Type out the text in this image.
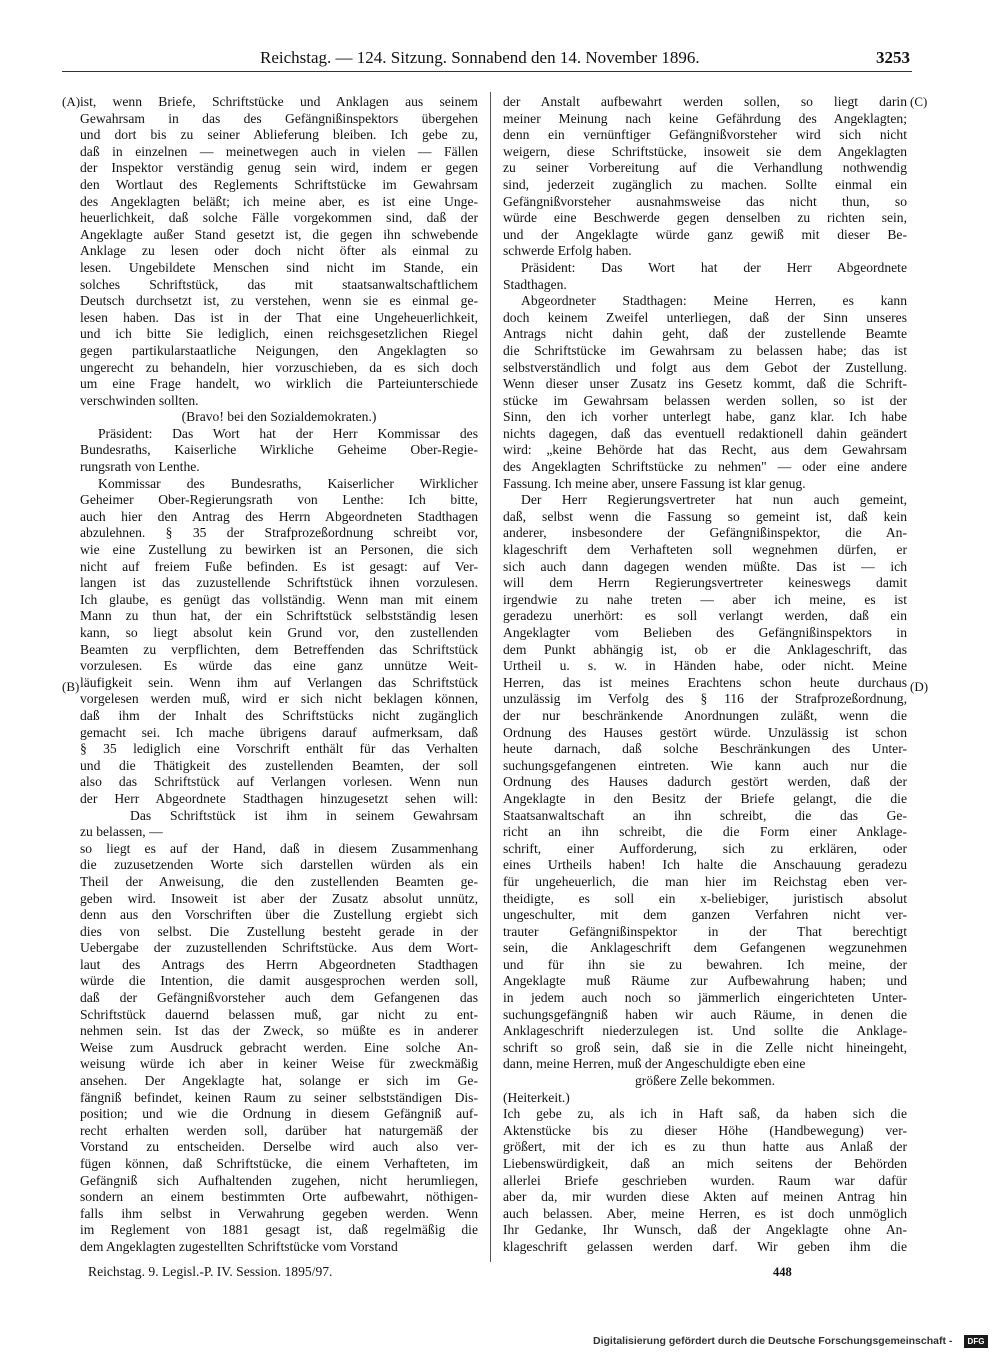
Reichstag. — 124. Sitzung. Sonnabend den 14. November 1896.	3253
(A)
(B)
(C)
(D)
ist, wenn Briefe, Schriftstücke und Anklagen aus seinem
Gewahrsam in das des Gefängnißinspektors übergehen
und dort bis zu seiner Ablieferung bleiben. Ich gebe zu,
daß in einzelnen — meinetwegen auch in vielen — Fällen
der Inspektor verständig genug sein wird, indem er gegen
den Wortlaut des Reglements Schriftstücke im Gewahrsam
des Angeklagten beläßt; ich meine aber, es ist eine Unge-
heuerlichkeit, daß solche Fälle vorgekommen sind, daß der
Angeklagte außer Stand gesetzt ist, die gegen ihn schwebende
Anklage zu lesen oder doch nicht öfter als einmal zu
lesen. Ungebildete Menschen sind nicht im Stande, ein
solches Schriftstück, das mit staatsanwaltschaftlichem
Deutsch durchsetzt ist, zu verstehen, wenn sie es einmal ge-
lesen haben. Das ist in der That eine Ungeheuerlichkeit,
und ich bitte Sie lediglich, einen reichsgesetzlichen Riegel
gegen partikularstaatliche Neigungen, den Angeklagten so
ungerecht zu behandeln, hier vorzuschieben, da es sich doch
um eine Frage handelt, wo wirklich die Parteiunterschiede
verschwinden sollten.
(Bravo! bei den Sozialdemokraten.)
Präsident: Das Wort hat der Herr Kommissar des
Bundesraths, Kaiserliche Wirkliche Geheime Ober-Regie-
rungsrath von Lenthe.
Kommissar des Bundesraths, Kaiserlicher Wirklicher
Geheimer Ober-Regierungsrath von Lenthe: Ich bitte,
auch hier den Antrag des Herrn Abgeordneten Stadthagen
abzulehnen. § 35 der Strafprozeßordnung schreibt vor,
wie eine Zustellung zu bewirken ist an Personen, die sich
nicht auf freiem Fuße befinden. Es ist gesagt: auf Ver-
langen ist das zuzustellende Schriftstück ihnen vorzulesen.
Ich glaube, es genügt das vollständig. Wenn man mit einem
Mann zu thun hat, der ein Schriftstück selbstständig lesen
kann, so liegt absolut kein Grund vor, den zustellenden
Beamten zu verpflichten, dem Betreffenden das Schriftstück
vorzulesen. Es würde das eine ganz unnütze Weit-
läufigkeit sein. Wenn ihm auf Verlangen das Schriftstück
vorgelesen werden muß, wird er sich nicht beklagen können,
daß ihm der Inhalt des Schriftstücks nicht zugänglich
gemacht sei. Ich mache übrigens darauf aufmerksam, daß
§ 35 lediglich eine Vorschrift enthält für das Verhalten
und die Thätigkeit des zustellenden Beamten, der soll
also das Schriftstück auf Verlangen vorlesen. Wenn nun
der Herr Abgeordnete Stadthagen hinzugesetzt sehen will:
Das Schriftstück ist ihm in seinem Gewahrsam
zu belassen, —
so liegt es auf der Hand, daß in diesem Zusammenhang
die zuzusetzenden Worte sich darstellen würden als ein
Theil der Anweisung, die den zustellenden Beamten ge-
geben wird. Insoweit ist aber der Zusatz absolut unnütz,
denn aus den Vorschriften über die Zustellung ergiebt sich
dies von selbst. Die Zustellung besteht gerade in der
Uebergabe der zuzustellenden Schriftstücke. Aus dem Wort-
laut des Antrags des Herrn Abgeordneten Stadthagen
würde die Intention, die damit ausgesprochen werden soll,
daß der Gefängnißvorsteher auch dem Gefangenen das
Schriftstück dauernd belassen muß, gar nicht zu ent-
nehmen sein. Ist das der Zweck, so müßte es in anderer
Weise zum Ausdruck gebracht werden. Eine solche An-
weisung würde ich aber in keiner Weise für zweckmäßig
ansehen. Der Angeklagte hat, solange er sich im Ge-
fängniß befindet, keinen Raum zu seiner selbstständigen Dis-
position; und wie die Ordnung in diesem Gefängniß auf-
recht erhalten werden soll, darüber hat naturgemäß der
Vorstand zu entscheiden. Derselbe wird auch also ver-
fügen können, daß Schriftstücke, die einem Verhafteten, im
Gefängniß sich Aufhaltenden zugehen, nicht herumliegen,
sondern an einem bestimmten Orte aufbewahrt, nöthigen-
falls ihm selbst in Verwahrung gegeben werden. Wenn
im Reglement von 1881 gesagt ist, daß regelmäßig die
dem Angeklagten zugestellten Schriftstücke vom Vorstand
der Anstalt aufbewahrt werden sollen, so liegt darin
meiner Meinung nach keine Gefährdung des Angeklagten;
denn ein vernünftiger Gefängnißvorsteher wird sich nicht
weigern, diese Schriftstücke, insoweit sie dem Angeklagten
zu seiner Vorbereitung auf die Verhandlung nothwendig
sind, jederzeit zugänglich zu machen. Sollte einmal ein
Gefängnißvorsteher ausnahmsweise das nicht thun, so
würde eine Beschwerde gegen denselben zu richten sein,
und der Angeklagte würde ganz gewiß mit dieser Be-
schwerde Erfolg haben.
Präsident: Das Wort hat der Herr Abgeordnete
Stadthagen.
Abgeordneter Stadthagen: Meine Herren, es kann
doch keinem Zweifel unterliegen, daß der Sinn unseres
Antrags nicht dahin geht, daß der zustellende Beamte
die Schriftstücke im Gewahrsam zu belassen habe; das ist
selbstverständlich und folgt aus dem Gebot der Zustellung.
Wenn dieser unser Zusatz ins Gesetz kommt, daß die Schrift-
stücke im Gewahrsam belassen werden sollen, so ist der
Sinn, den ich vorher unterlegt habe, ganz klar. Ich habe
nichts dagegen, daß das eventuell redaktionell dahin geändert
wird: „keine Behörde hat das Recht, aus dem Gewahrsam
des Angeklagten Schriftstücke zu nehmen" — oder eine andere
Fassung. Ich meine aber, unsere Fassung ist klar genug.
Der Herr Regierungsvertreter hat nun auch gemeint,
daß, selbst wenn die Fassung so gemeint ist, daß kein
anderer, insbesondere der Gefängnißinspektor, die An-
klageschrift dem Verhafteten soll wegnehmen dürfen, er
sich auch dann dagegen wenden müßte. Das ist — ich
will dem Herrn Regierungsvertreter keineswegs damit
irgendwie zu nahe treten — aber ich meine, es ist
geradezu unerhört: es soll verlangt werden, daß ein
Angeklagter vom Belieben des Gefängnißinspektors in
dem Punkt abhängig ist, ob er die Anklageschrift, das
Urtheil u. s. w. in Händen habe, oder nicht. Meine
Herren, das ist meines Erachtens schon heute durchaus
unzulässig im Verfolg des § 116 der Strafprozeßordnung,
der nur beschränkende Anordnungen zuläßt, wenn die
Ordnung des Hauses gestört würde. Unzulässig ist schon
heute darnach, daß solche Beschränkungen des Unter-
suchungsgefangenen eintreten. Wie kann auch nur die
Ordnung des Hauses dadurch gestört werden, daß der
Angeklagte in den Besitz der Briefe gelangt, die die
Staatsanwaltschaft an ihn schreibt, die das Ge-
richt an ihn schreibt, die die Form einer Anklage-
schrift, einer Aufforderung, sich zu erklären, oder
eines Urtheils haben! Ich halte die Anschauung geradezu
für ungeheuerlich, die man hier im Reichstag eben ver-
theidigte, es soll ein x-beliebiger, juristisch absolut
ungeschulter, mit dem ganzen Verfahren nicht ver-
trauter Gefängnißinspektor in der That berechtigt
sein, die Anklageschrift dem Gefangenen wegzunehmen
und für ihn sie zu bewahren. Ich meine, der
Angeklagte muß Räume zur Aufbewahrung haben; und
in jedem auch noch so jämmerlich eingerichteten Unter-
suchungsgefängniß haben wir auch Räume, in denen die
Anklageschrift niederzulegen ist. Und sollte die Anklage-
schrift so groß sein, daß sie in die Zelle nicht hineingeht,
dann, meine Herren, muß der Angeschuldigte eben eine
größere Zelle bekommen.
(Heiterkeit.)
Ich gebe zu, als ich in Haft saß, da haben sich die
Aktenstücke bis zu dieser Höhe (Handbewegung) ver-
größert, mit der ich es zu thun hatte aus Anlaß der
Liebenswürdigkeit, daß an mich seitens der Behörden
allerlei Briefe geschrieben wurden. Raum war dafür
aber da, mir wurden diese Akten auf meinen Antrag hin
auch belassen. Aber, meine Herren, es ist doch unmöglich
Ihr Gedanke, Ihr Wunsch, daß der Angeklagte ohne An-
klageschrift gelassen werden darf. Wir geben ihm die
Reichstag. 9. Legisl.-P. IV. Session. 1895/97.	448
Digitalisierung gefördert durch die Deutsche Forschungsgemeinschaft -	DFG
